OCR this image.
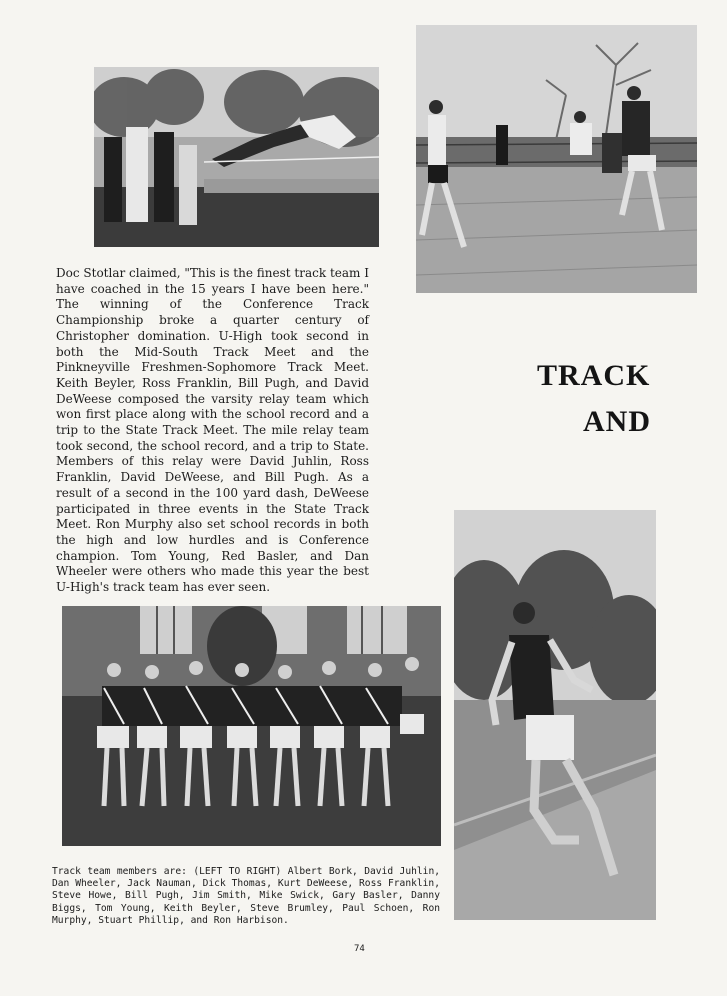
Doc Stotlar claimed, "This is the finest track team I have coached in the 15 years I have been here." The winning of the Conference Track Championship broke a quarter century of Christopher domination. U-High took second in both the Mid-South Track Meet and the Pinkneyville Freshmen-Sophomore Track Meet. Keith Beyler, Ross Franklin, Bill Pugh, and David DeWeese composed the varsity relay team which won first place along with the school record and a trip to the State Track Meet. The mile relay team took second, the school record, and a trip to State. Members of this relay were David Juhlin, Ross Franklin, David DeWeese, and Bill Pugh. As a result of a second in the 100 yard dash, DeWeese participated in three events in the State Track Meet. Ron Murphy also set school records in both the high and low hurdles and is Conference champion. Tom Young, Red Basler, and Dan Wheeler were others who made this year the best U-High's track team has ever seen.

TRACK
AND

Track team members are: (LEFT TO RIGHT) Albert Bork, David Juhlin, Dan Wheeler, Jack Nauman, Dick Thomas, Kurt DeWeese, Ross Franklin, Steve Howe, Bill Pugh, Jim Smith, Mike Swick, Gary Basler, Danny Biggs, Tom Young, Keith Beyler, Steve Brumley, Paul Schoen, Ron Murphy, Stuart Phillip, and Ron Harbison.

74
